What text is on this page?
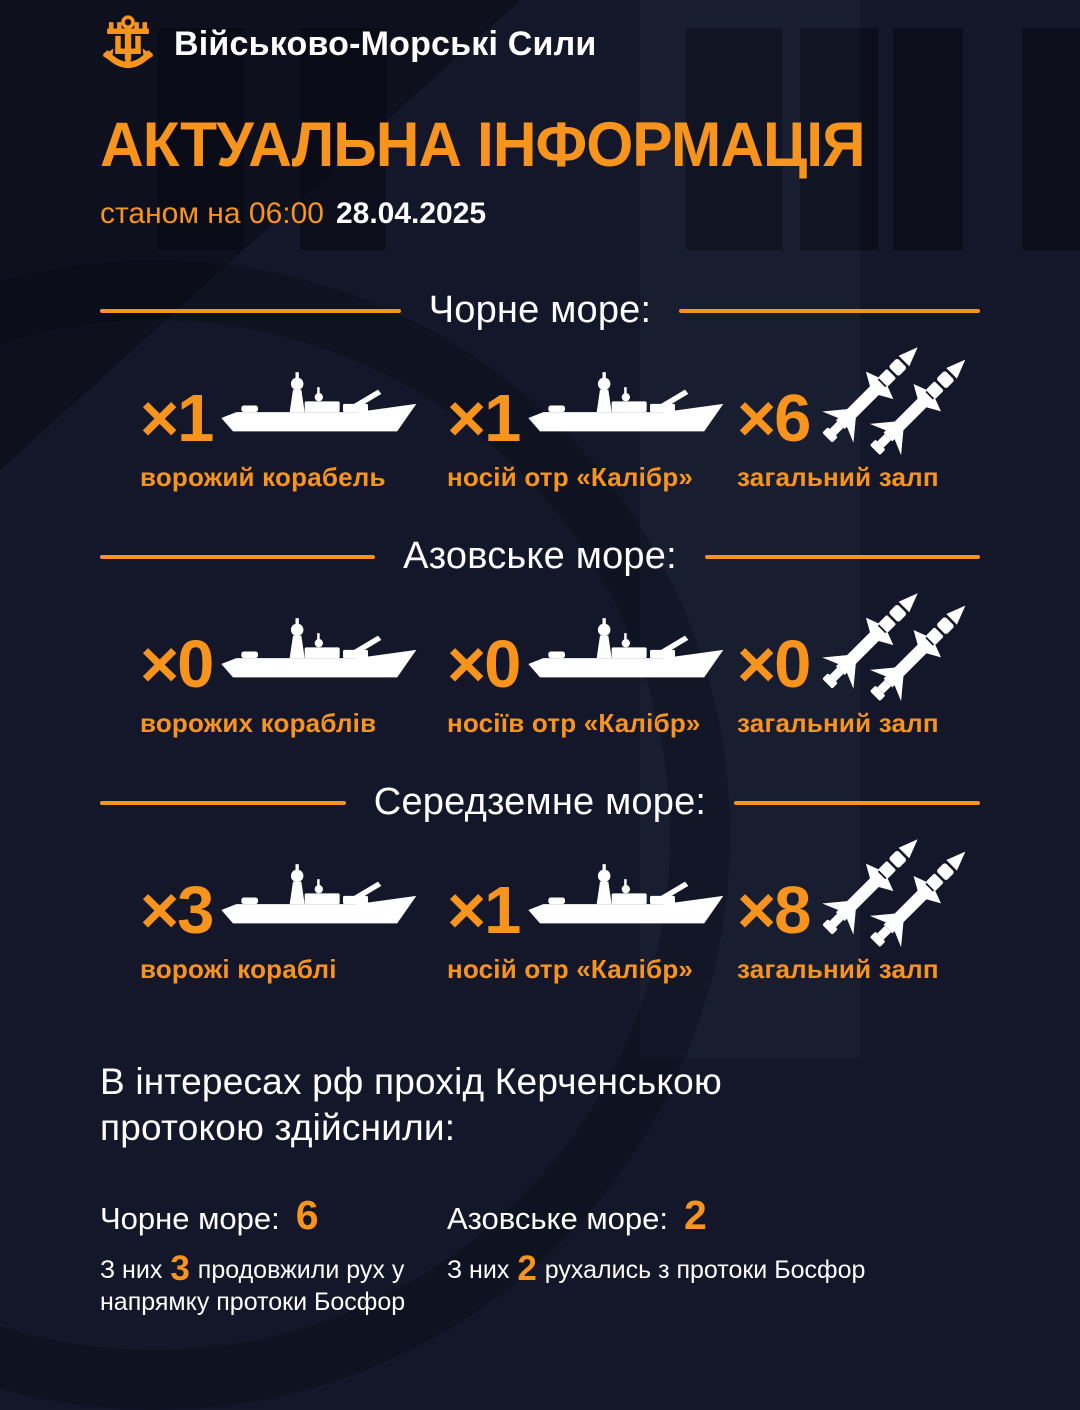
Військово-Морські Сили
АКТУАЛЬНА ІНФОРМАЦІЯ
станом на 06:00 28.04.2025
Чорне море:
×1
ворожий корабель
×1
носій отр «Калібр»
×6
загальний залп
Азовське море:
×0
ворожих кораблів
×0
носіїв отр «Калібр»
×0
загальний залп
Середземне море:
×3
ворожі кораблі
×1
носій отр «Калібр»
×8
загальний залп
В інтересах рф прохід Керченською протокою здійснили:
Чорне море: 6
З них 3 продовжили рух у напрямку протоки Босфор
Азовське море: 2
З них 2 рухались з протоки Босфор
